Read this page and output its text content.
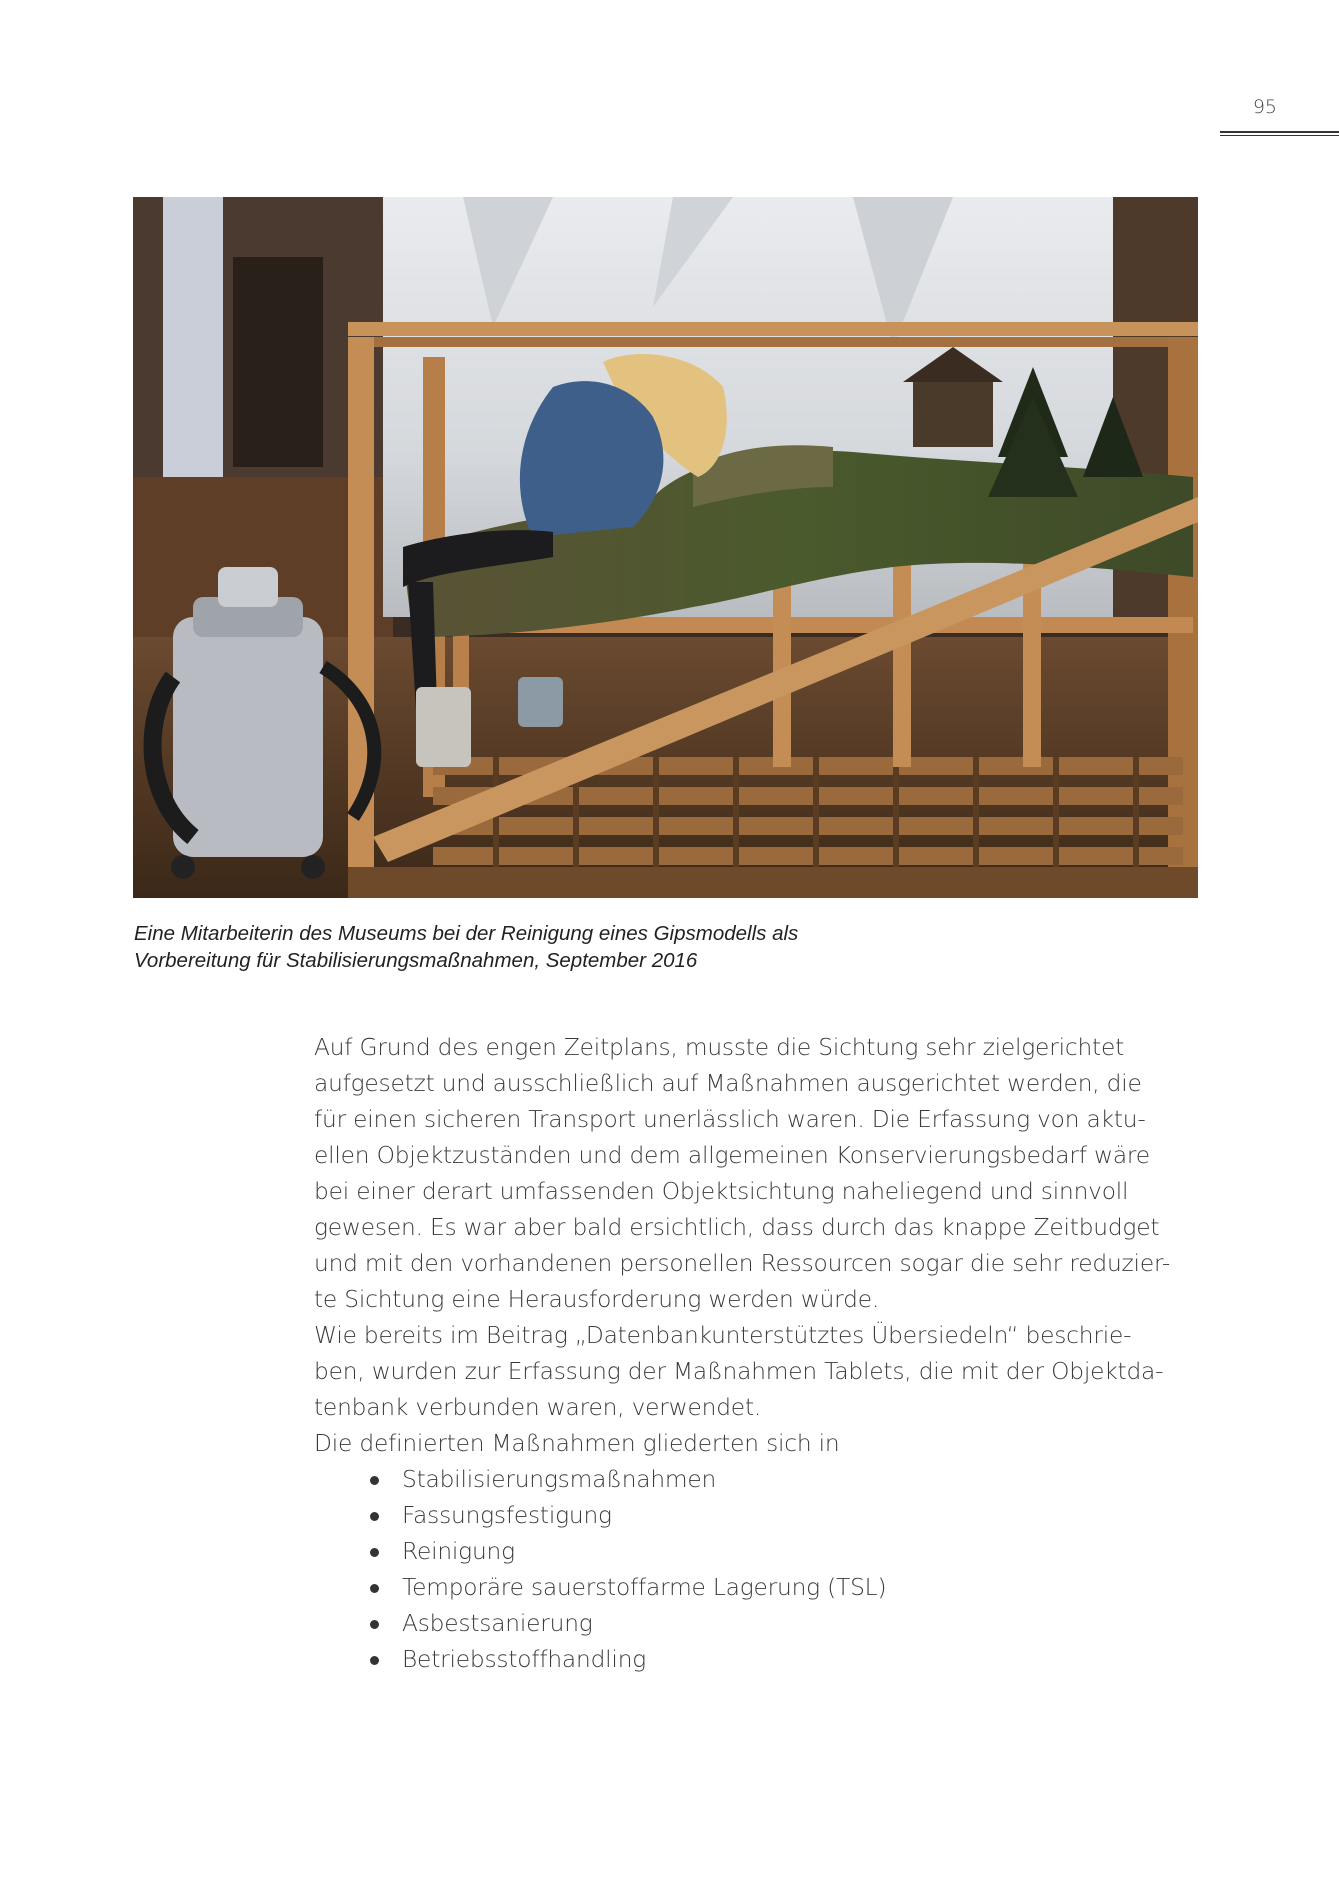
95
Eine Mitarbeiterin des Museums bei der Reinigung eines Gipsmodells als
Vorbereitung für Stabilisierungsmaßnahmen, September 2016
Auf Grund des engen Zeitplans, musste die Sichtung sehr zielgerichtet
aufgesetzt und ausschließlich auf Maßnahmen ausgerichtet werden, die
für einen sicheren Transport unerlässlich waren. Die Erfassung von aktu-
ellen Objektzuständen und dem allgemeinen Konservierungsbedarf wäre
bei einer derart umfassenden Objektsichtung naheliegend und sinnvoll
gewesen. Es war aber bald ersichtlich, dass durch das knappe Zeitbudget
und mit den vorhandenen personellen Ressourcen sogar die sehr reduzier-
te Sichtung eine Herausforderung werden würde.
Wie bereits im Beitrag „Datenbankunterstütztes Übersiedeln“ beschrie-
ben, wurden zur Erfassung der Maßnahmen Tablets, die mit der Objektda-
tenbank verbunden waren, verwendet.
Die definierten Maßnahmen gliederten sich in
Stabilisierungsmaßnahmen
Fassungsfestigung
Reinigung
Temporäre sauerstoffarme Lagerung (TSL)
Asbestsanierung
Betriebsstoffhandling
